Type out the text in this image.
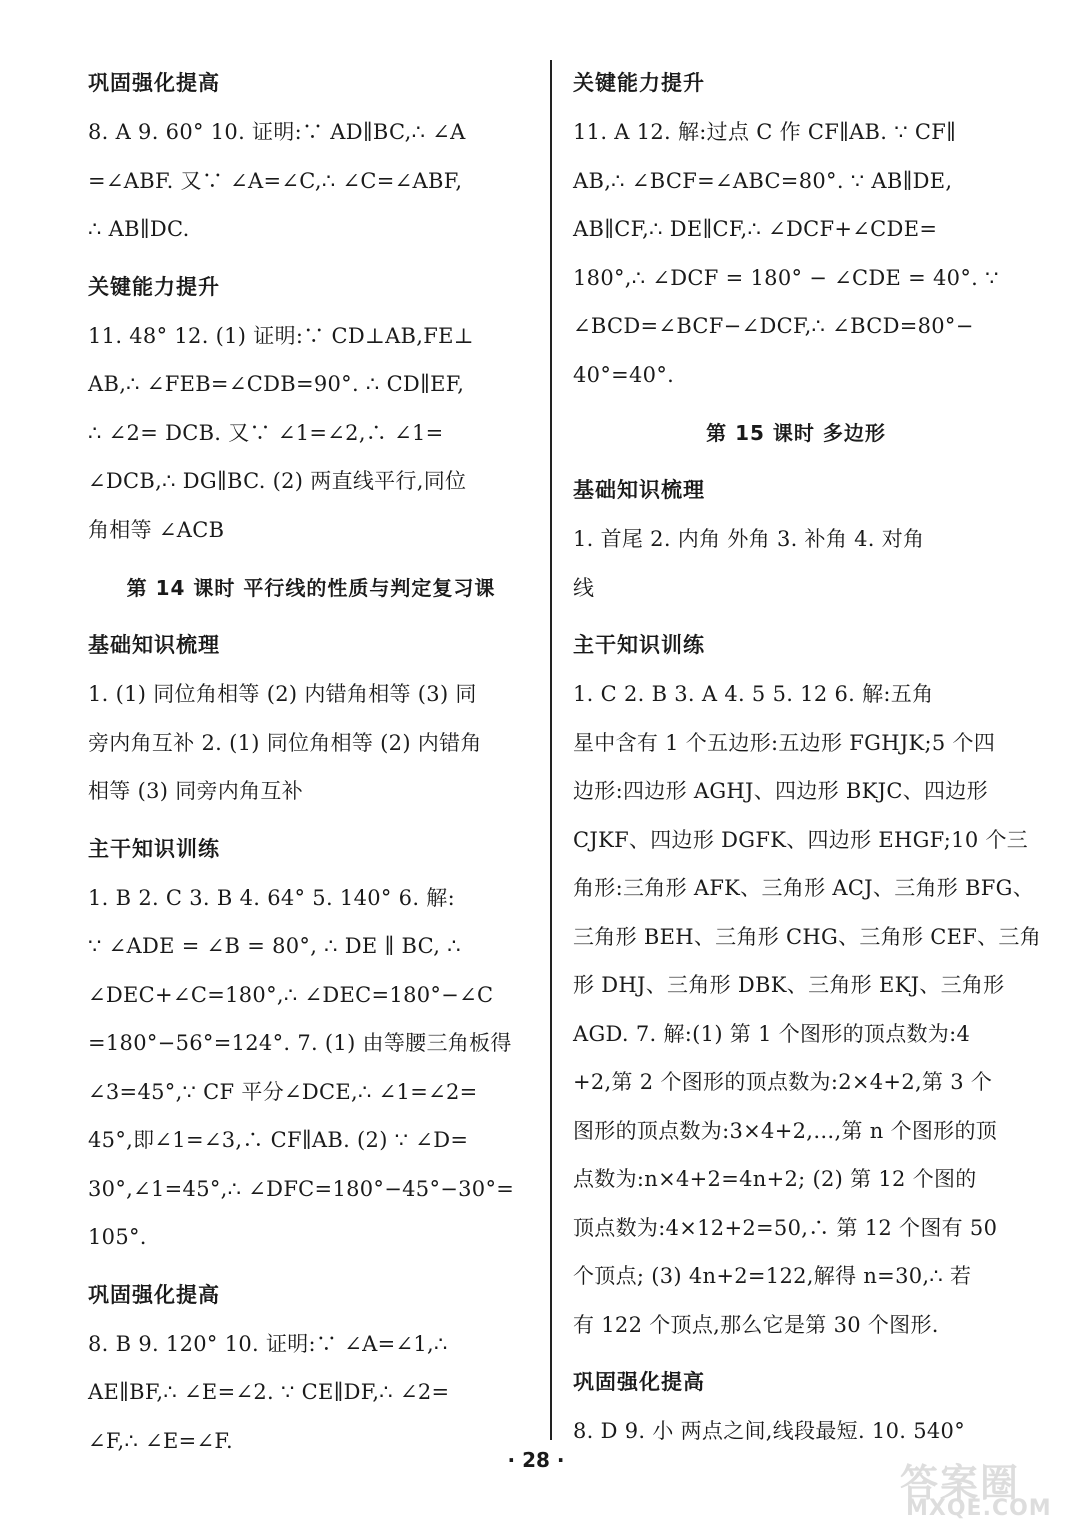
巩固强化提高

8. A 9. 60° 10. 证明:∵ AD∥BC,∴ ∠A
=∠ABF. 又∵ ∠A=∠C,∴ ∠C=∠ABF,
∴ AB∥DC.

关键能力提升

11. 48° 12. (1) 证明:∵ CD⊥AB,FE⊥
AB,∴ ∠FEB=∠CDB=90°. ∴ CD∥EF,
∴ ∠2= DCB. 又∵ ∠1=∠2,∴ ∠1=
∠DCB,∴ DG∥BC. (2) 两直线平行,同位
角相等 ∠ACB

第 14 课时 平行线的性质与判定复习课
基础知识梳理

1. (1) 同位角相等 (2) 内错角相等 (3) 同
旁内角互补 2. (1) 同位角相等 (2) 内错角
相等 (3) 同旁内角互补

主干知识训练

1. B 2. C 3. B 4. 64° 5. 140° 6. 解:
∵ ∠ADE = ∠B = 80°, ∴ DE ∥ BC, ∴
∠DEC+∠C=180°,∴ ∠DEC=180°−∠C
=180°−56°=124°. 7. (1) 由等腰三角板得
∠3=45°,∵ CF 平分∠DCE,∴ ∠1=∠2=
45°,即∠1=∠3,∴ CF∥AB. (2) ∵ ∠D=
30°,∠1=45°,∴ ∠DFC=180°−45°−30°=
105°.

巩固强化提高

8. B 9. 120° 10. 证明:∵ ∠A=∠1,∴
AE∥BF,∴ ∠E=∠2. ∵ CE∥DF,∴ ∠2=
∠F,∴ ∠E=∠F.

关键能力提升

11. A 12. 解:过点 C 作 CF∥AB. ∵ CF∥
AB,∴ ∠BCF=∠ABC=80°. ∵ AB∥DE,
AB∥CF,∴ DE∥CF,∴ ∠DCF+∠CDE=
180°,∴ ∠DCF = 180° − ∠CDE = 40°. ∵
∠BCD=∠BCF−∠DCF,∴ ∠BCD=80°−
40°=40°.

第 15 课时 多边形
基础知识梳理

1. 首尾 2. 内角 外角 3. 补角 4. 对角
线

主干知识训练

1. C 2. B 3. A 4. 5 5. 12 6. 解:五角
星中含有 1 个五边形:五边形 FGHJK;5 个四
边形:四边形 AGHJ、四边形 BKJC、四边形
CJKF、四边形 DGFK、四边形 EHGF;10 个三
角形:三角形 AFK、三角形 ACJ、三角形 BFG、
三角形 BEH、三角形 CHG、三角形 CEF、三角
形 DHJ、三角形 DBK、三角形 EKJ、三角形
AGD. 7. 解:(1) 第 1 个图形的顶点数为:4
+2,第 2 个图形的顶点数为:2×4+2,第 3 个
图形的顶点数为:3×4+2,…,第 n 个图形的顶
点数为:n×4+2=4n+2; (2) 第 12 个图的
顶点数为:4×12+2=50,∴ 第 12 个图有 50
个顶点; (3) 4n+2=122,解得 n=30,∴ 若
有 122 个顶点,那么它是第 30 个图形.

巩固强化提高

8. D 9. 小 两点之间,线段最短. 10. 540°

· 28 ·
答案圈
MXQE.COM
